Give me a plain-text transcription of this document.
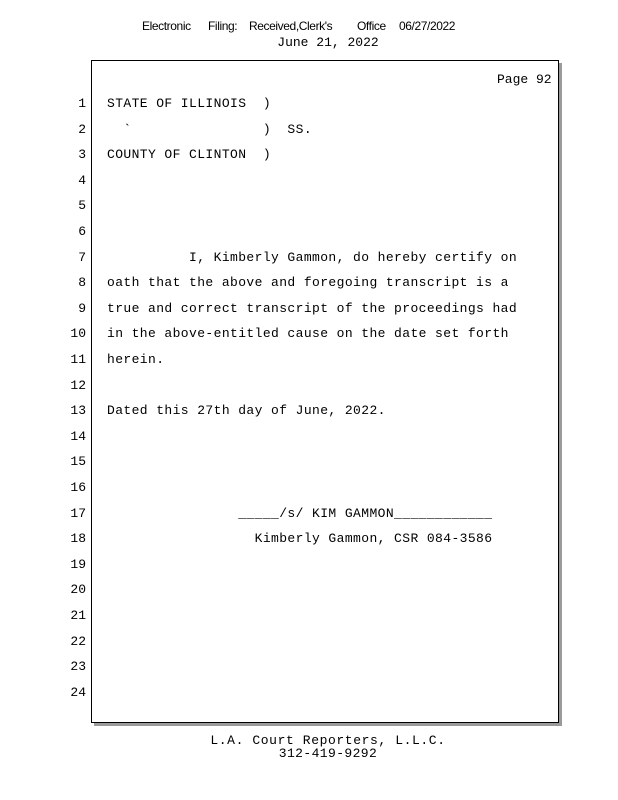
Electronic Filing: Received,Clerk's Office 06/27/2022
June 21, 2022
Page 92
1 STATE OF ILLINOIS  )
2 `                )  SS.
3 COUNTY OF CLINTON  )
4
5
6
7 I, Kimberly Gammon, do hereby certify on
8 oath that the above and foregoing transcript is a
9 true and correct transcript of the proceedings had
10 in the above-entitled cause on the date set forth
11 herein.
12
13 Dated this 27th day of June, 2022.
14
15
16
17 _____/s/ KIM GAMMON____________
18 Kimberly Gammon, CSR 084-3586
19
20
21
22
23
24
L.A. Court Reporters, L.L.C.
312-419-9292
